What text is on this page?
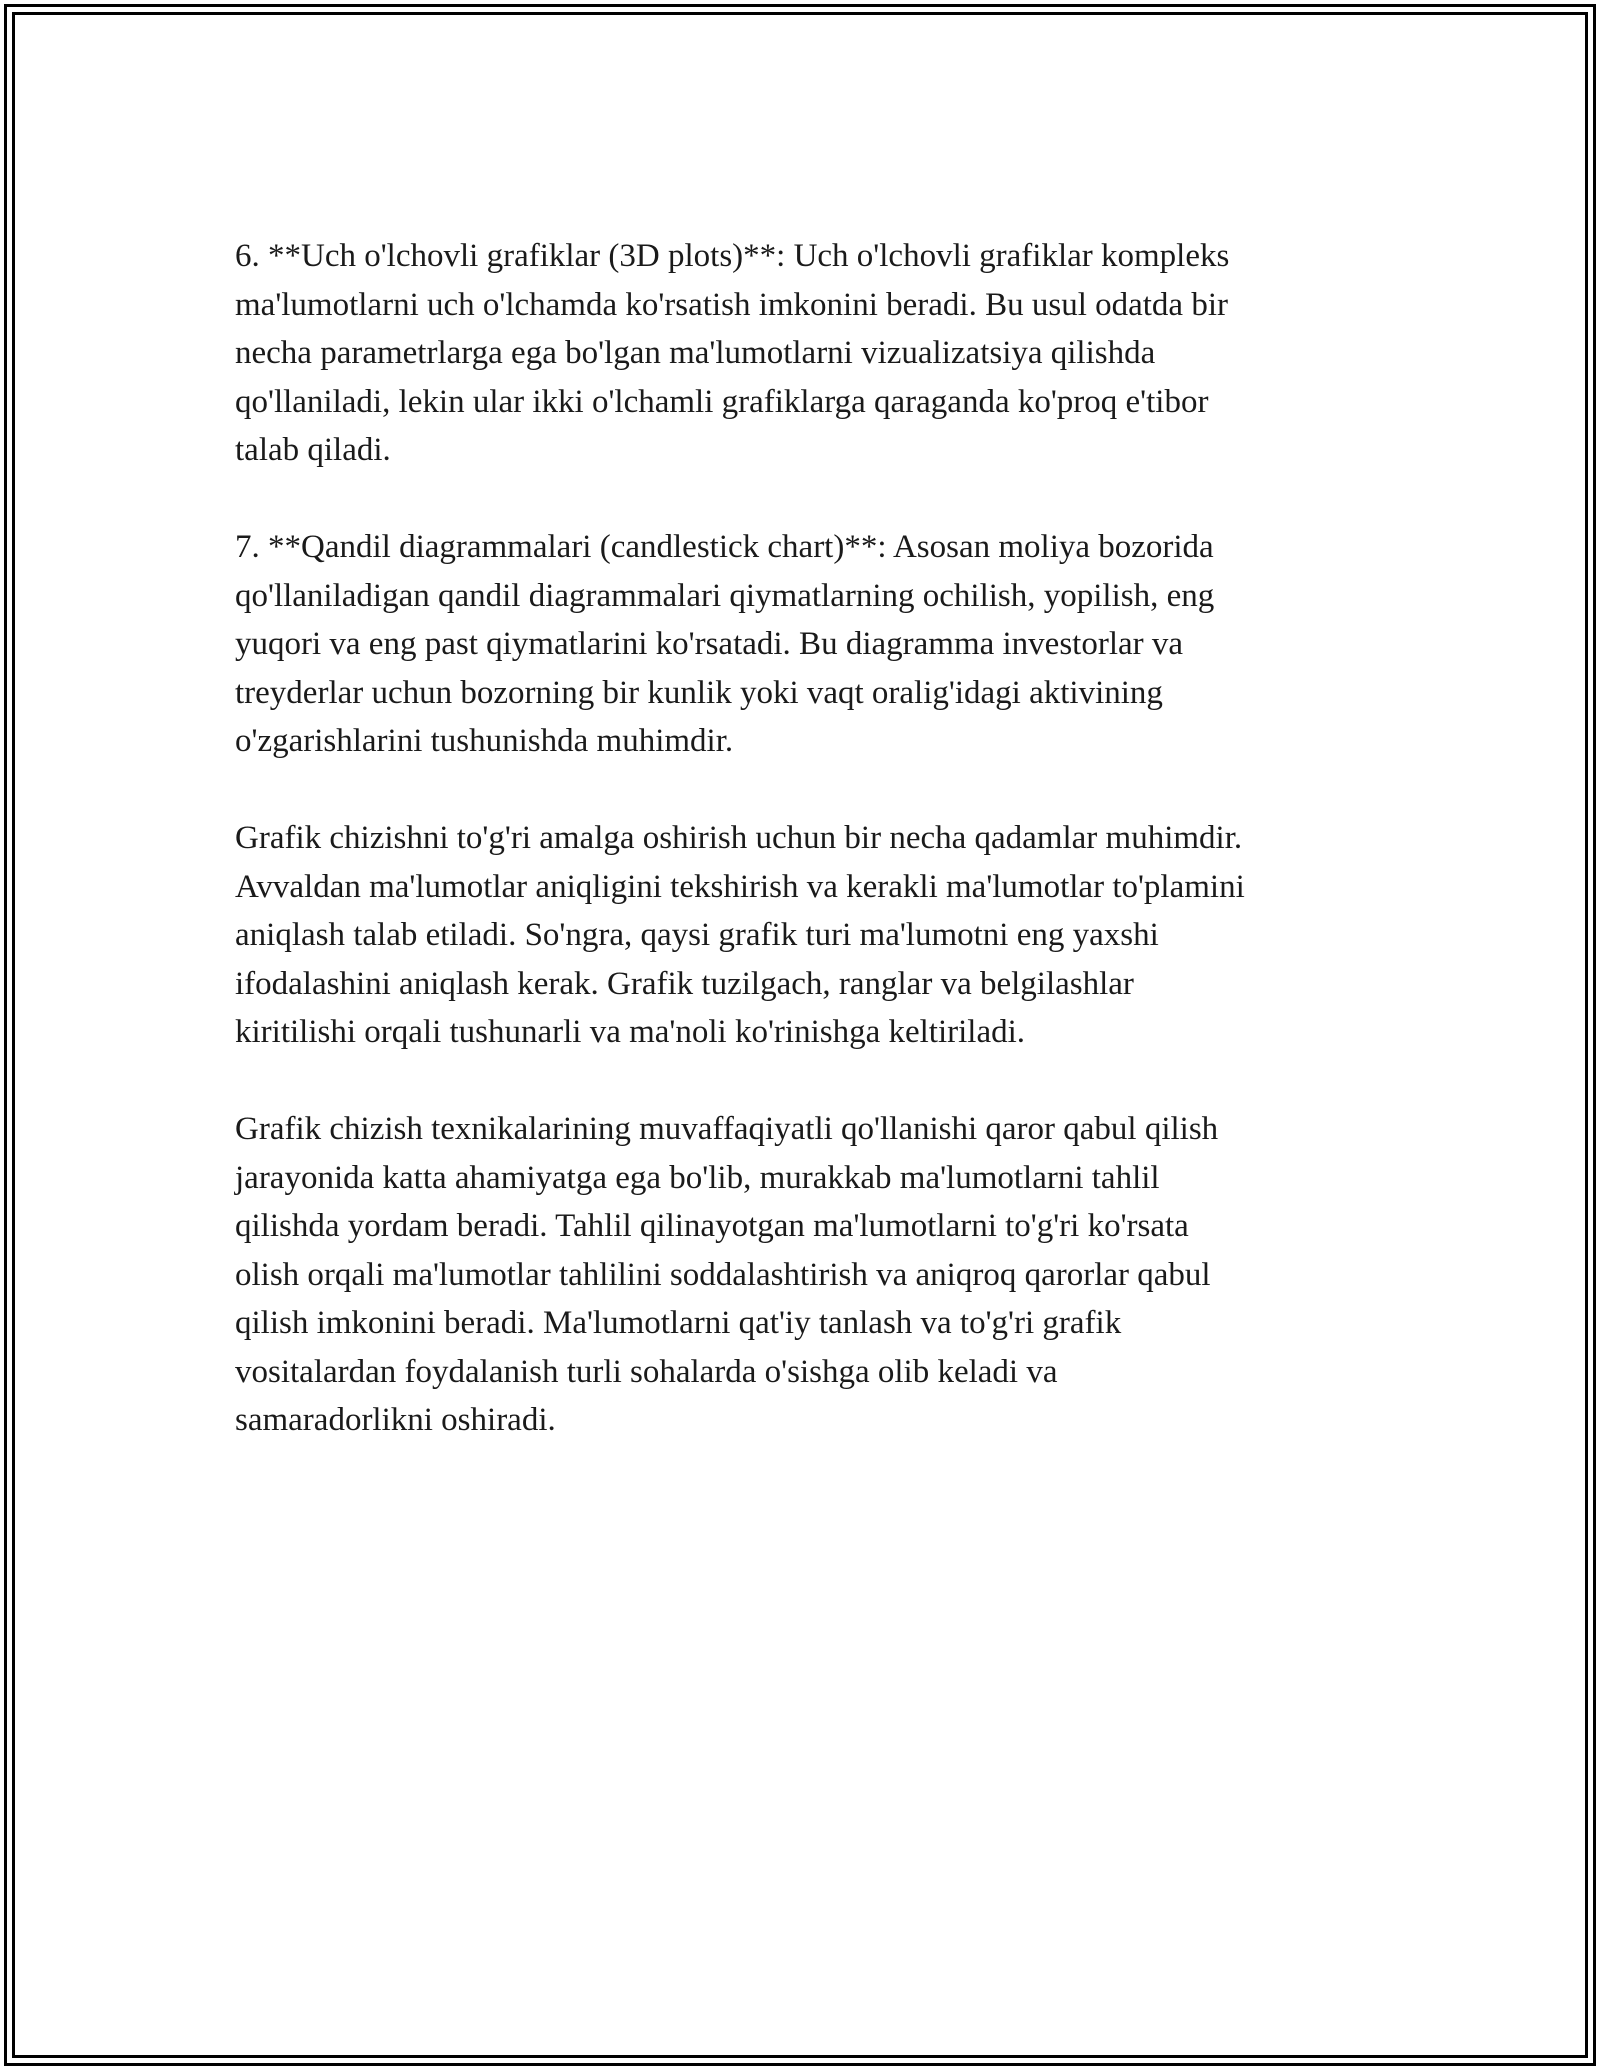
6. **Uch o'lchovli grafiklar (3D plots)**: Uch o'lchovli grafiklar kompleks
ma'lumotlarni uch o'lchamda ko'rsatish imkonini beradi. Bu usul odatda bir
necha parametrlarga ega bo'lgan ma'lumotlarni vizualizatsiya qilishda
qo'llaniladi, lekin ular ikki o'lchamli grafiklarga qaraganda ko'proq e'tibor
talab qiladi.

7. **Qandil diagrammalari (candlestick chart)**: Asosan moliya bozorida
qo'llaniladigan qandil diagrammalari qiymatlarning ochilish, yopilish, eng
yuqori va eng past qiymatlarini ko'rsatadi. Bu diagramma investorlar va
treyderlar uchun bozorning bir kunlik yoki vaqt oralig'idagi aktivining
o'zgarishlarini tushunishda muhimdir.

Grafik chizishni to'g'ri amalga oshirish uchun bir necha qadamlar muhimdir.
Avvaldan ma'lumotlar aniqligini tekshirish va kerakli ma'lumotlar to'plamini
aniqlash talab etiladi. So'ngra, qaysi grafik turi ma'lumotni eng yaxshi
ifodalashini aniqlash kerak. Grafik tuzilgach, ranglar va belgilashlar
kiritilishi orqali tushunarli va ma'noli ko'rinishga keltiriladi.

Grafik chizish texnikalarining muvaffaqiyatli qo'llanishi qaror qabul qilish
jarayonida katta ahamiyatga ega bo'lib, murakkab ma'lumotlarni tahlil
qilishda yordam beradi. Tahlil qilinayotgan ma'lumotlarni to'g'ri ko'rsata
olish orqali ma'lumotlar tahlilini soddalashtirish va aniqroq qarorlar qabul
qilish imkonini beradi. Ma'lumotlarni qat'iy tanlash va to'g'ri grafik
vositalardan foydalanish turli sohalarda o'sishga olib keladi va
samaradorlikni oshiradi.
